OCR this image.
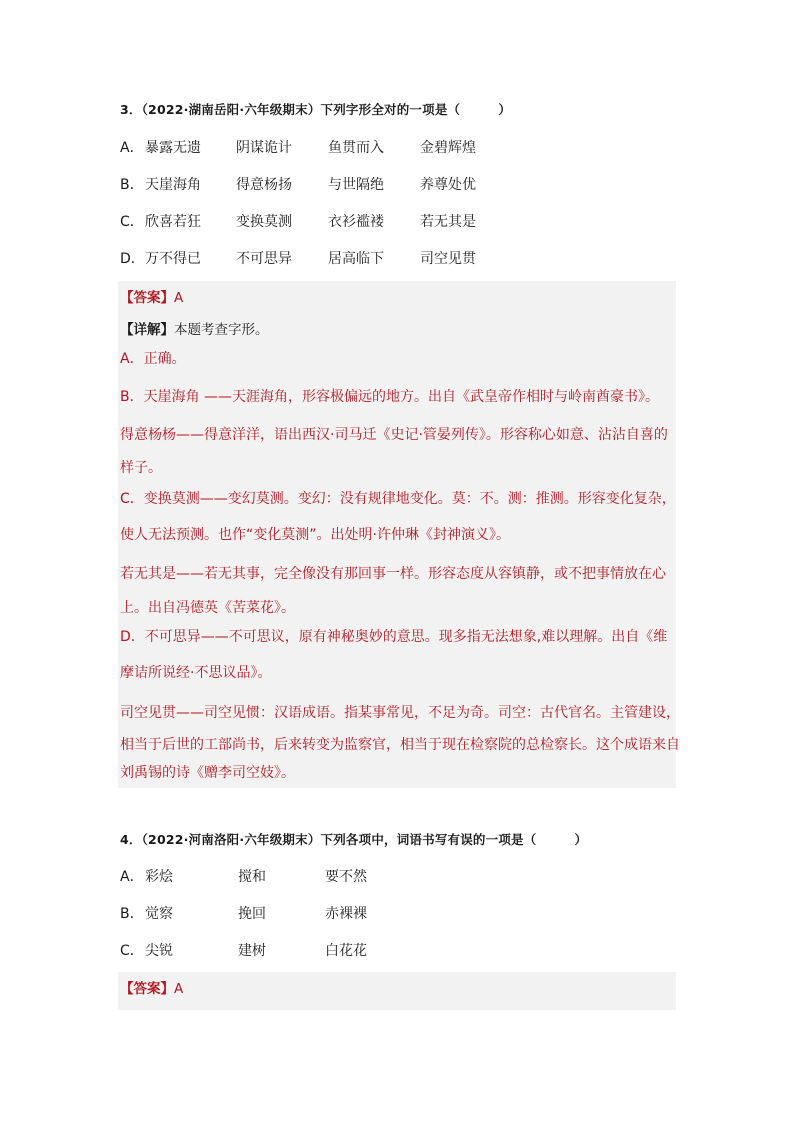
3．（2022·湖南岳阳·六年级期末）下列字形全对的一项是（　　　）
A． 暴露无遗	阴谋诡计	鱼贯而入	金碧辉煌
B． 天崖海角	得意杨扬	与世隔绝	养尊处优
C． 欣喜若狂	变换莫测	衣衫褴褛	若无其是
D． 万不得已	不可思异	居高临下	司空见贯
【答案】A
【详解】本题考查字形。
A．正确。
B．天崖海角 ——天涯海角，形容极偏远的地方。出自《武皇帝作相时与岭南酋豪书》。
得意杨杨——得意洋洋，语出西汉·司马迁《史记·管晏列传》。形容称心如意、沾沾自喜的
样子。
C．变换莫测——变幻莫测。变幻：没有规律地变化。莫：不。测：推测。形容变化复杂，
使人无法预测。也作“变化莫测”。出处明·许仲琳《封神演义》。
若无其是——若无其事，完全像没有那回事一样。形容态度从容镇静，或不把事情放在心
上。出自冯德英《苦菜花》。
D．不可思异——不可思议，原有神秘奥妙的意思。现多指无法想象,难以理解。出自《维
摩诘所说经·不思议品》。
司空见贯——司空见惯：汉语成语。指某事常见，不足为奇。司空：古代官名。主管建设，
相当于后世的工部尚书，后来转变为监察官，相当于现在检察院的总检察长。这个成语来自
刘禹锡的诗《赠李司空妓》。
4．（2022·河南洛阳·六年级期末）下列各项中，词语书写有误的一项是（　　　）
A． 彩烩	搅和	要不然
B． 觉察	挽回	赤裸裸
C． 尖锐	建树	白花花
【答案】A
